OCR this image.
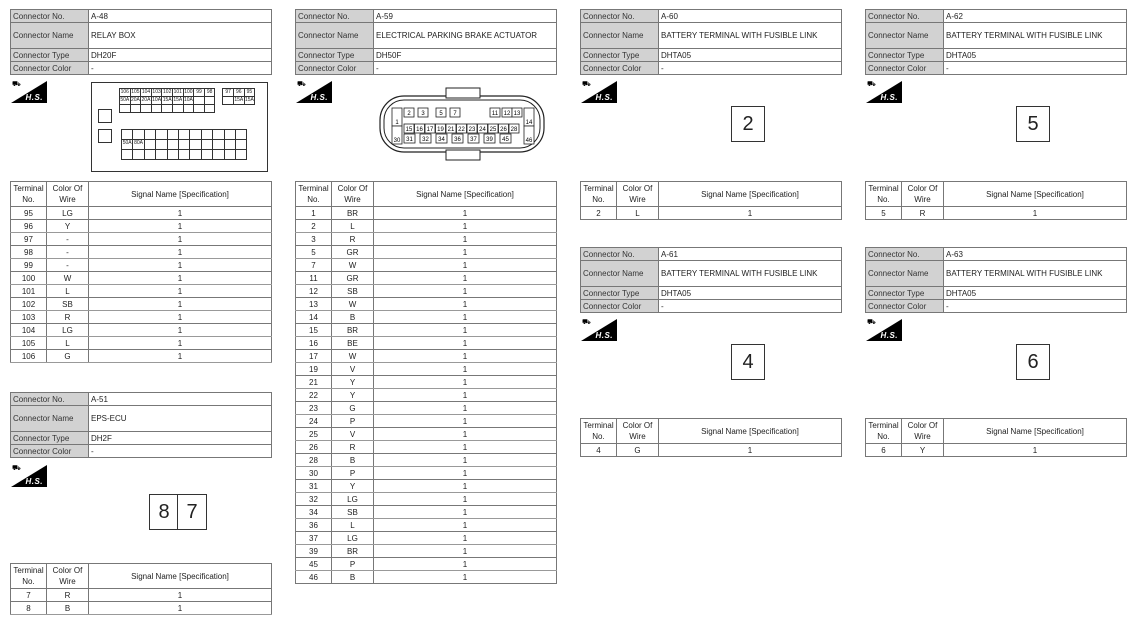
Connector No.	A-48
Connector Name	RELAY BOX
Connector Type	DH20F
Connector Color	-
⛟
H.S.
106
50A
105
20A
104
20A
103
10A
102
15A
101
15A
100
10A
99	98	97	96
15A
95
15A
50A 80A
Terminal No.	Color Of Wire	Signal Name [Specification]
95	LG	1
96	Y	1
97	-	1
98	-	1
99	-	1
100	W	1
101	L	1
102	SB	1
103	R	1
104	LG	1
105	L	1
106	G	1
Connector No.	A-51
Connector Name	EPS-ECU
Connector Type	DH2F
Connector Color	-
⛟
H.S.
8 7
Terminal No.	Color Of Wire	Signal Name [Specification]
7	R	1
8	B	1
Connector No.	A-59
Connector Name	ELECTRICAL PARKING BRAKE ACTUATOR
Connector Type	DH50F
Connector Color	-
⛟
H.S.
1
30
14
46
2 3 5 7	11 12 13
15 16 17 19 21 22 23 24 25 26 28
31 32 34 36 37 39 45
Terminal No.	Color Of Wire	Signal Name [Specification]
1	BR	1
2	L	1
3	R	1
5	GR	1
7	W	1
11	GR	1
12	SB	1
13	W	1
14	B	1
15	BR	1
16	BE	1
17	W	1
19	V	1
21	Y	1
22	Y	1
23	G	1
24	P	1
25	V	1
26	R	1
28	B	1
30	P	1
31	Y	1
32	LG	1
34	SB	1
36	L	1
37	LG	1
39	BR	1
45	P	1
46	B	1
Connector No.	A-60
Connector Name	BATTERY TERMINAL WITH FUSIBLE LINK
Connector Type	DHTA05
Connector Color	-
⛟
H.S.
2
Terminal No.	Color Of Wire	Signal Name [Specification]
2	L	1
Connector No.	A-61
Connector Name	BATTERY TERMINAL WITH FUSIBLE LINK
Connector Type	DHTA05
Connector Color	-
⛟
H.S.
4
Terminal No.	Color Of Wire	Signal Name [Specification]
4	G	1
Connector No.	A-62
Connector Name	BATTERY TERMINAL WITH FUSIBLE LINK
Connector Type	DHTA05
Connector Color	-
⛟
H.S.
5
Terminal No.	Color Of Wire	Signal Name [Specification]
5	R	1
Connector No.	A-63
Connector Name	BATTERY TERMINAL WITH FUSIBLE LINK
Connector Type	DHTA05
Connector Color	-
⛟
H.S.
6
Terminal No.	Color Of Wire	Signal Name [Specification]
6	Y	1
